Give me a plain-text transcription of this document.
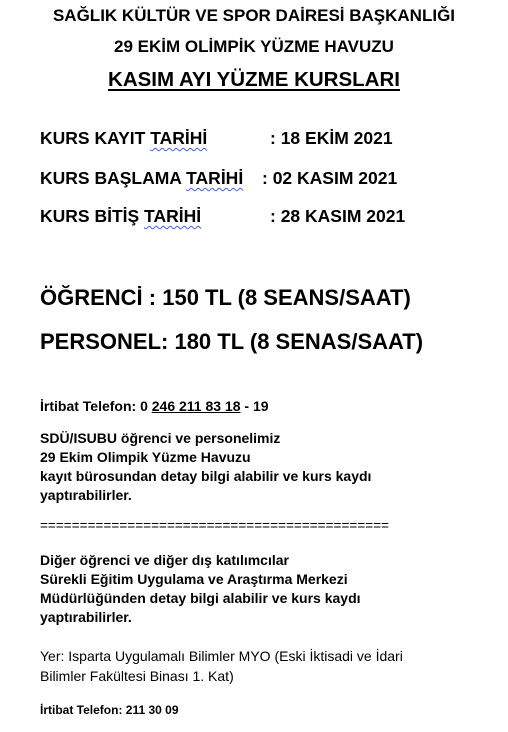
SAĞLIK KÜLTÜR VE SPOR DAİRESİ BAŞKANLIĞI
29 EKİM OLİMPİK YÜZME HAVUZU
KASIM AYI YÜZME KURSLARI
KURS KAYIT TARİHİ	: 18 EKİM 2021
KURS BAŞLAMA TARİHİ : 02 KASIM 2021
KURS BİTİŞ TARİHİ	: 28 KASIM 2021
ÖĞRENCİ : 150 TL (8 SEANS/SAAT)
PERSONEL: 180 TL (8 SENAS/SAAT)
İrtibat Telefon: 0 246 211 83 18 - 19
SDÜ/ISUBU öğrenci ve personelimiz
29 Ekim Olimpik Yüzme Havuzu
kayıt bürosundan detay bilgi alabilir ve kurs kaydı
yaptırabilirler.
============================================
Diğer öğrenci ve diğer dış katılımcılar
Sürekli Eğitim Uygulama ve Araştırma Merkezi
Müdürlüğünden detay bilgi alabilir ve kurs kaydı
yaptırabilirler.
Yer: Isparta Uygulamalı Bilimler MYO (Eski İktisadi ve İdari
Bilimler Fakültesi Binası 1. Kat)
İrtibat Telefon: 211 30 09
